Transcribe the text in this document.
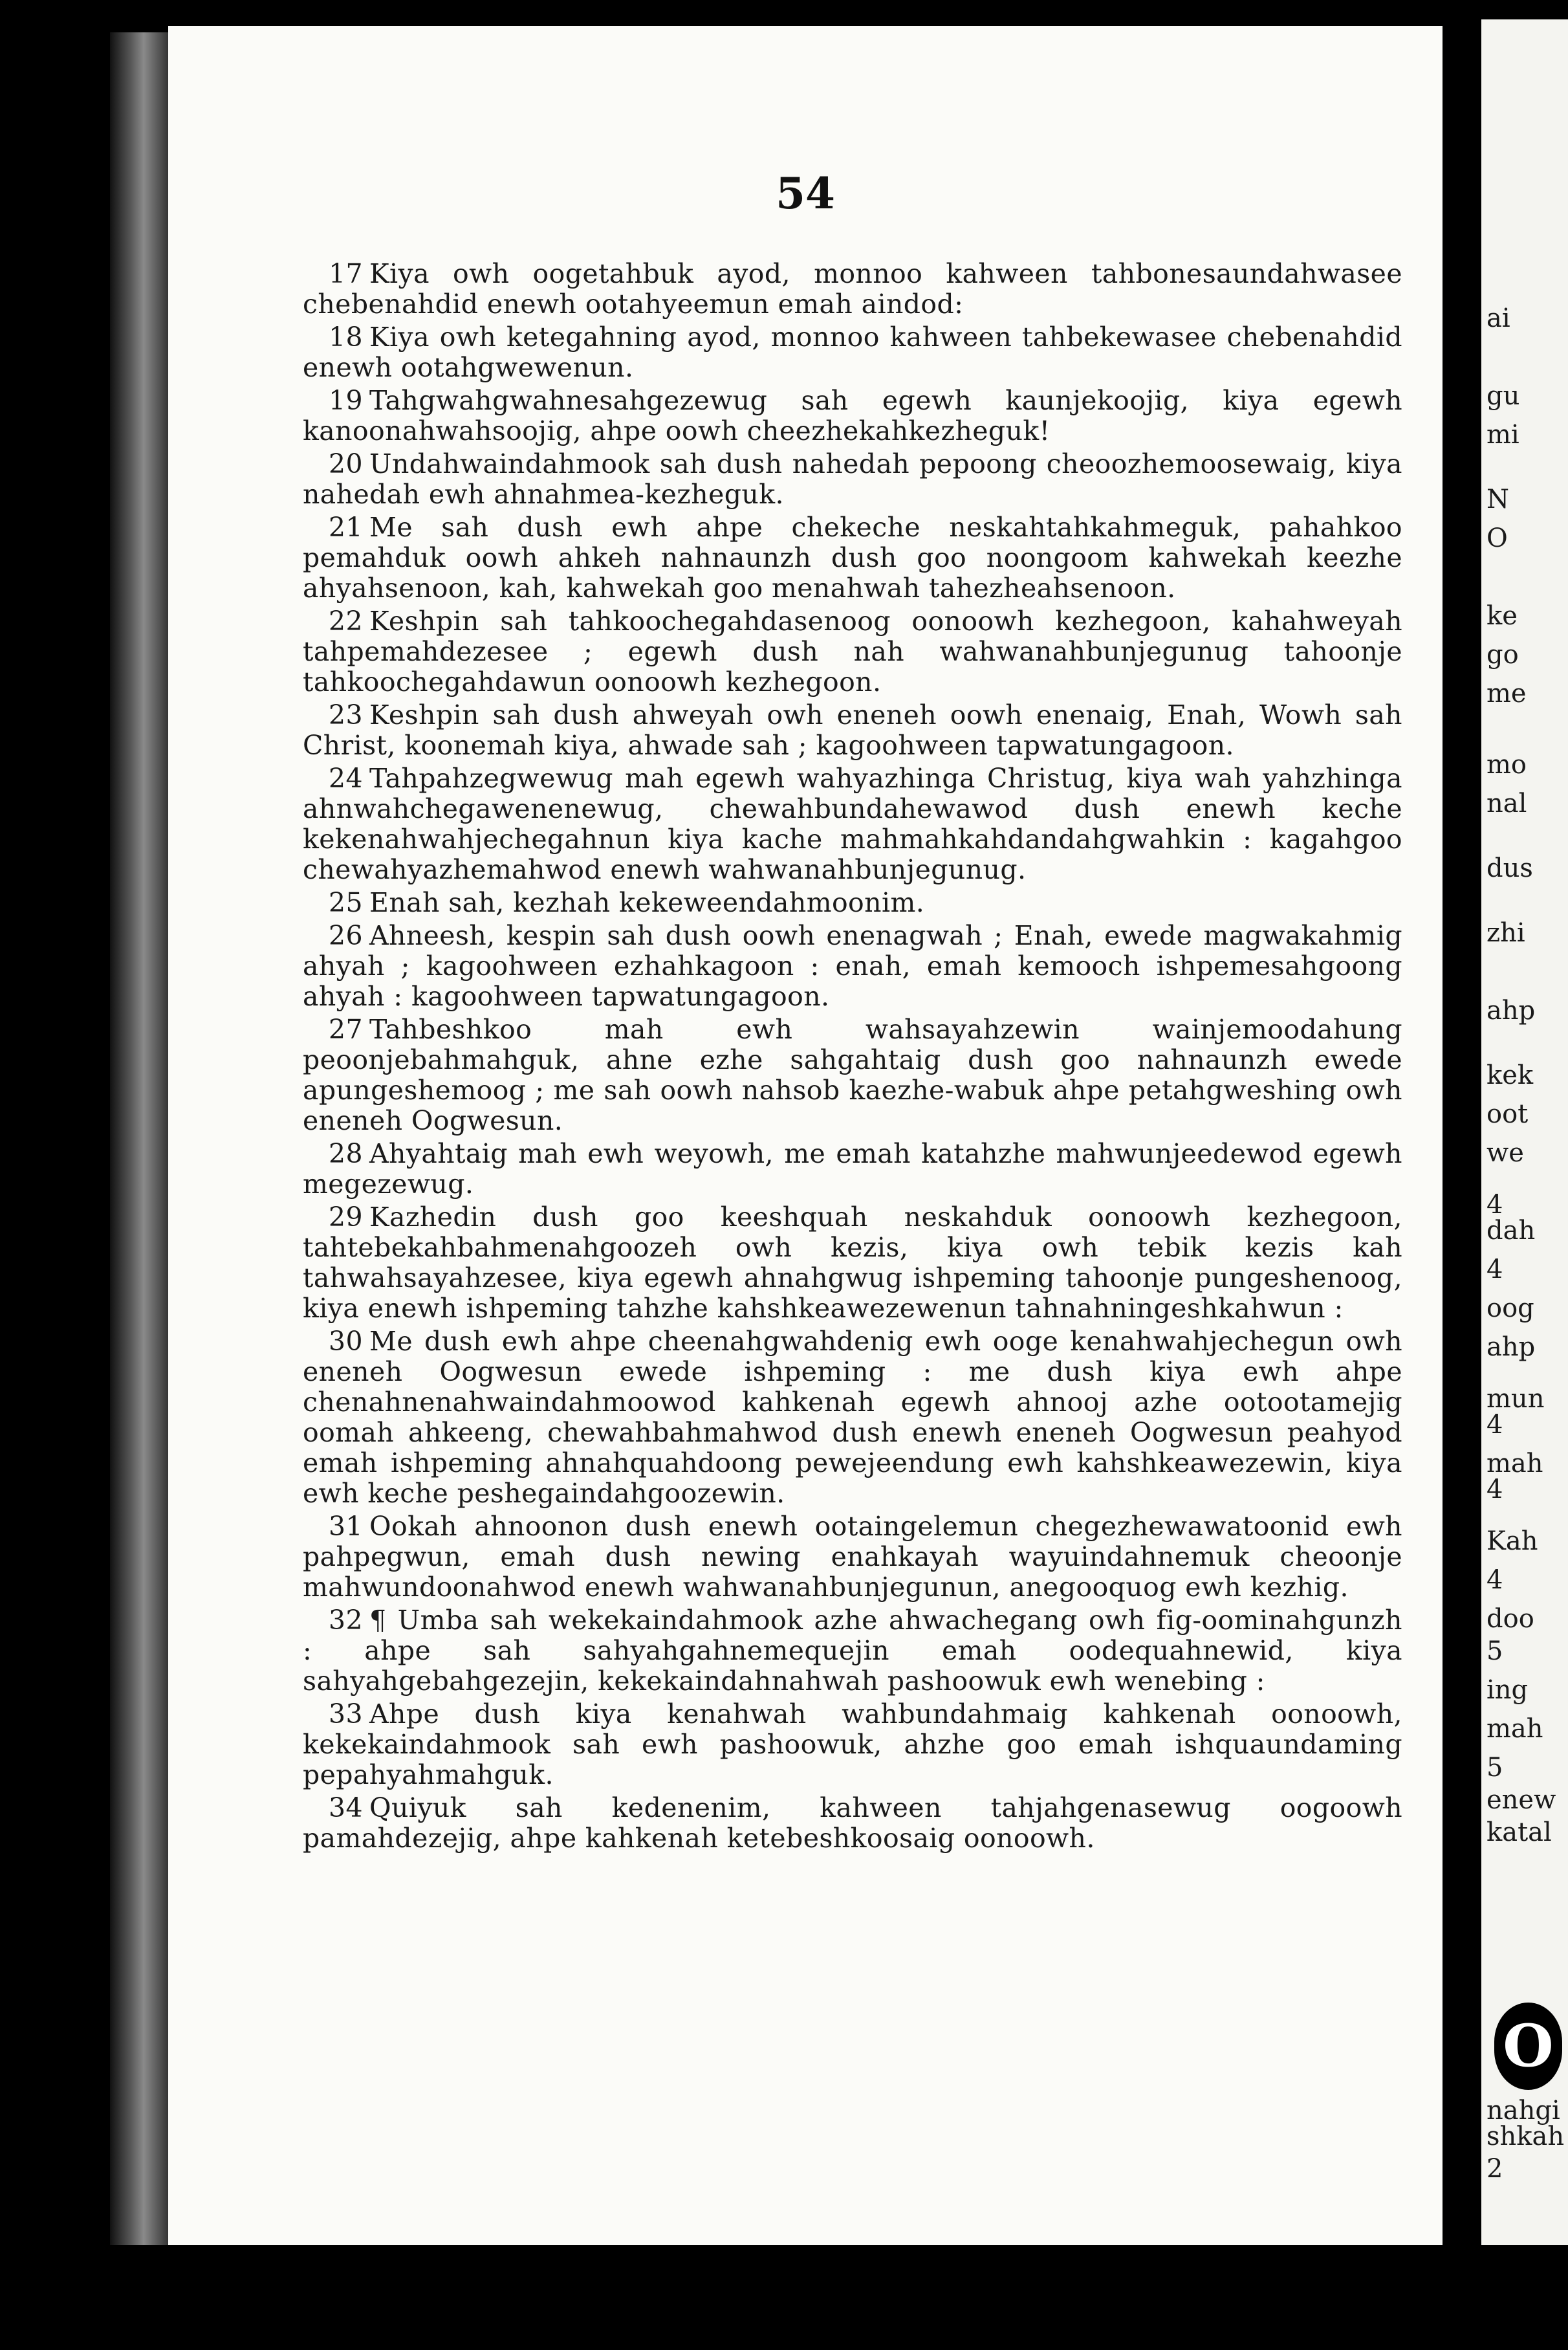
54

17 Kiya owh oogetahbuk ayod, monnoo kahween tahbonesaundahwasee chebenahdid enewh ootahyeemun emah aindod:

18 Kiya owh ketegahning ayod, monnoo kahween tahbekewasee chebenahdid enewh ootahgwewenun.

19 Tahgwahgwahnesahgezewug sah egewh kaunjekoojig, kiya egewh kanoonahwahsoojig, ahpe oowh cheezhekahkezheguk!

20 Undahwaindahmook sah dush nahedah pepoong cheoozhemoosewaig, kiya nahedah ewh ahnahmea-kezheguk.

21 Me sah dush ewh ahpe chekeche neskahtahkahmeguk, pahahkoo pemahduk oowh ahkeh nahnaunzh dush goo noongoom kahwekah keezhe ahyahsenoon, kah, kahwekah goo menahwah tahezheahsenoon.

22 Keshpin sah tahkoochegahdasenoog oonoowh kezhegoon, kahahweyah tahpemahdezesee ; egewh dush nah wahwanahbunjegunug tahoonje tahkoochegahdawun oonoowh kezhegoon.

23 Keshpin sah dush ahweyah owh eneneh oowh enenaig, Enah, Wowh sah Christ, koonemah kiya, ahwade sah ; kagoohween tapwatungagoon.

24 Tahpahzegwewug mah egewh wahyazhinga Christug, kiya wah yahzhinga ahnwahchegawenenewug, chewahbundahewawod dush enewh keche kekenahwahjechegahnun kiya kache mahmahkahdandahgwahkin : kagahgoo chewahyazhemahwod enewh wahwanahbunjegunug.

25 Enah sah, kezhah kekeweendahmoonim.

26 Ahneesh, kespin sah dush oowh enenagwah ; Enah, ewede magwakahmig ahyah ; kagoohween ezhahkagoon : enah, emah kemooch ishpemesahgoong ahyah : kagoohween tapwatungagoon.

27 Tahbeshkoo mah ewh wahsayahzewin wainjemoodahung peoonjebahmahguk, ahne ezhe sahgahtaig dush goo nahnaunzh ewede apungeshemoog ; me sah oowh nahsob kaezhe-wabuk ahpe petahgweshing owh eneneh Oogwesun.

28 Ahyahtaig mah ewh weyowh, me emah katahzhe mahwunjeedewod egewh megezewug.

29 Kazhedin dush goo keeshquah neskahduk oonoowh kezhegoon, tahtebekahbahmenahgoozeh owh kezis, kiya owh tebik kezis kah tahwahsayahzesee, kiya egewh ahnahgwug ishpeming tahoonje pungeshenoog, kiya enewh ishpeming tahzhe kahshkeawezewenun tahnahningeshkahwun :

30 Me dush ewh ahpe cheenahgwahdenig ewh ooge kenahwahjechegun owh eneneh Oogwesun ewede ishpeming : me dush kiya ewh ahpe chenahnenahwaindahmoowod kahkenah egewh ahnooj azhe ootootamejig oomah ahkeeng, chewahbahmahwod dush enewh eneneh Oogwesun peahyod emah ishpeming ahnahquahdoong pewejeendung ewh kahshkeawezewin, kiya ewh keche peshegaindahgoozewin.

31 Ookah ahnoonon dush enewh ootaingelemun chegezhewawatoonid ewh pahpegwun, emah dush newing enahkayah wayuindahnemuk cheoonje mahwundoonahwod enewh wahwanahbunjegunun, anegooquog ewh kezhig.

32 ¶ Umba sah wekekaindahmook azhe ahwachegang owh fig-oominahgunzh : ahpe sah sahyahgahnemequejin emah oodequahnewid, kiya sahyahgebahgezejin, kekekaindahnahwah pashoowuk ewh wenebing :

33 Ahpe dush kiya kenahwah wahbundahmaig kahkenah oonoowh, kekekaindahmook sah ewh pashoowuk, ahzhe goo emah ishquaundaming pepahyahmahguk.

34 Quiyuk sah kedenenim, kahween tahjahgenasewug oogoowh pamahdezejig, ahpe kahkenah ketebeshkoosaig oonoowh.

O
ai
gu
mi
N
O
ke
go
me
mo
nal
dus
zhi
ahp
kek
oot
we
4
dah
4
oog
ahp
mun
4
mah
4
Kah
4
doo
5
ing
mah
5
enew
katal
nahgi
shkah
2
